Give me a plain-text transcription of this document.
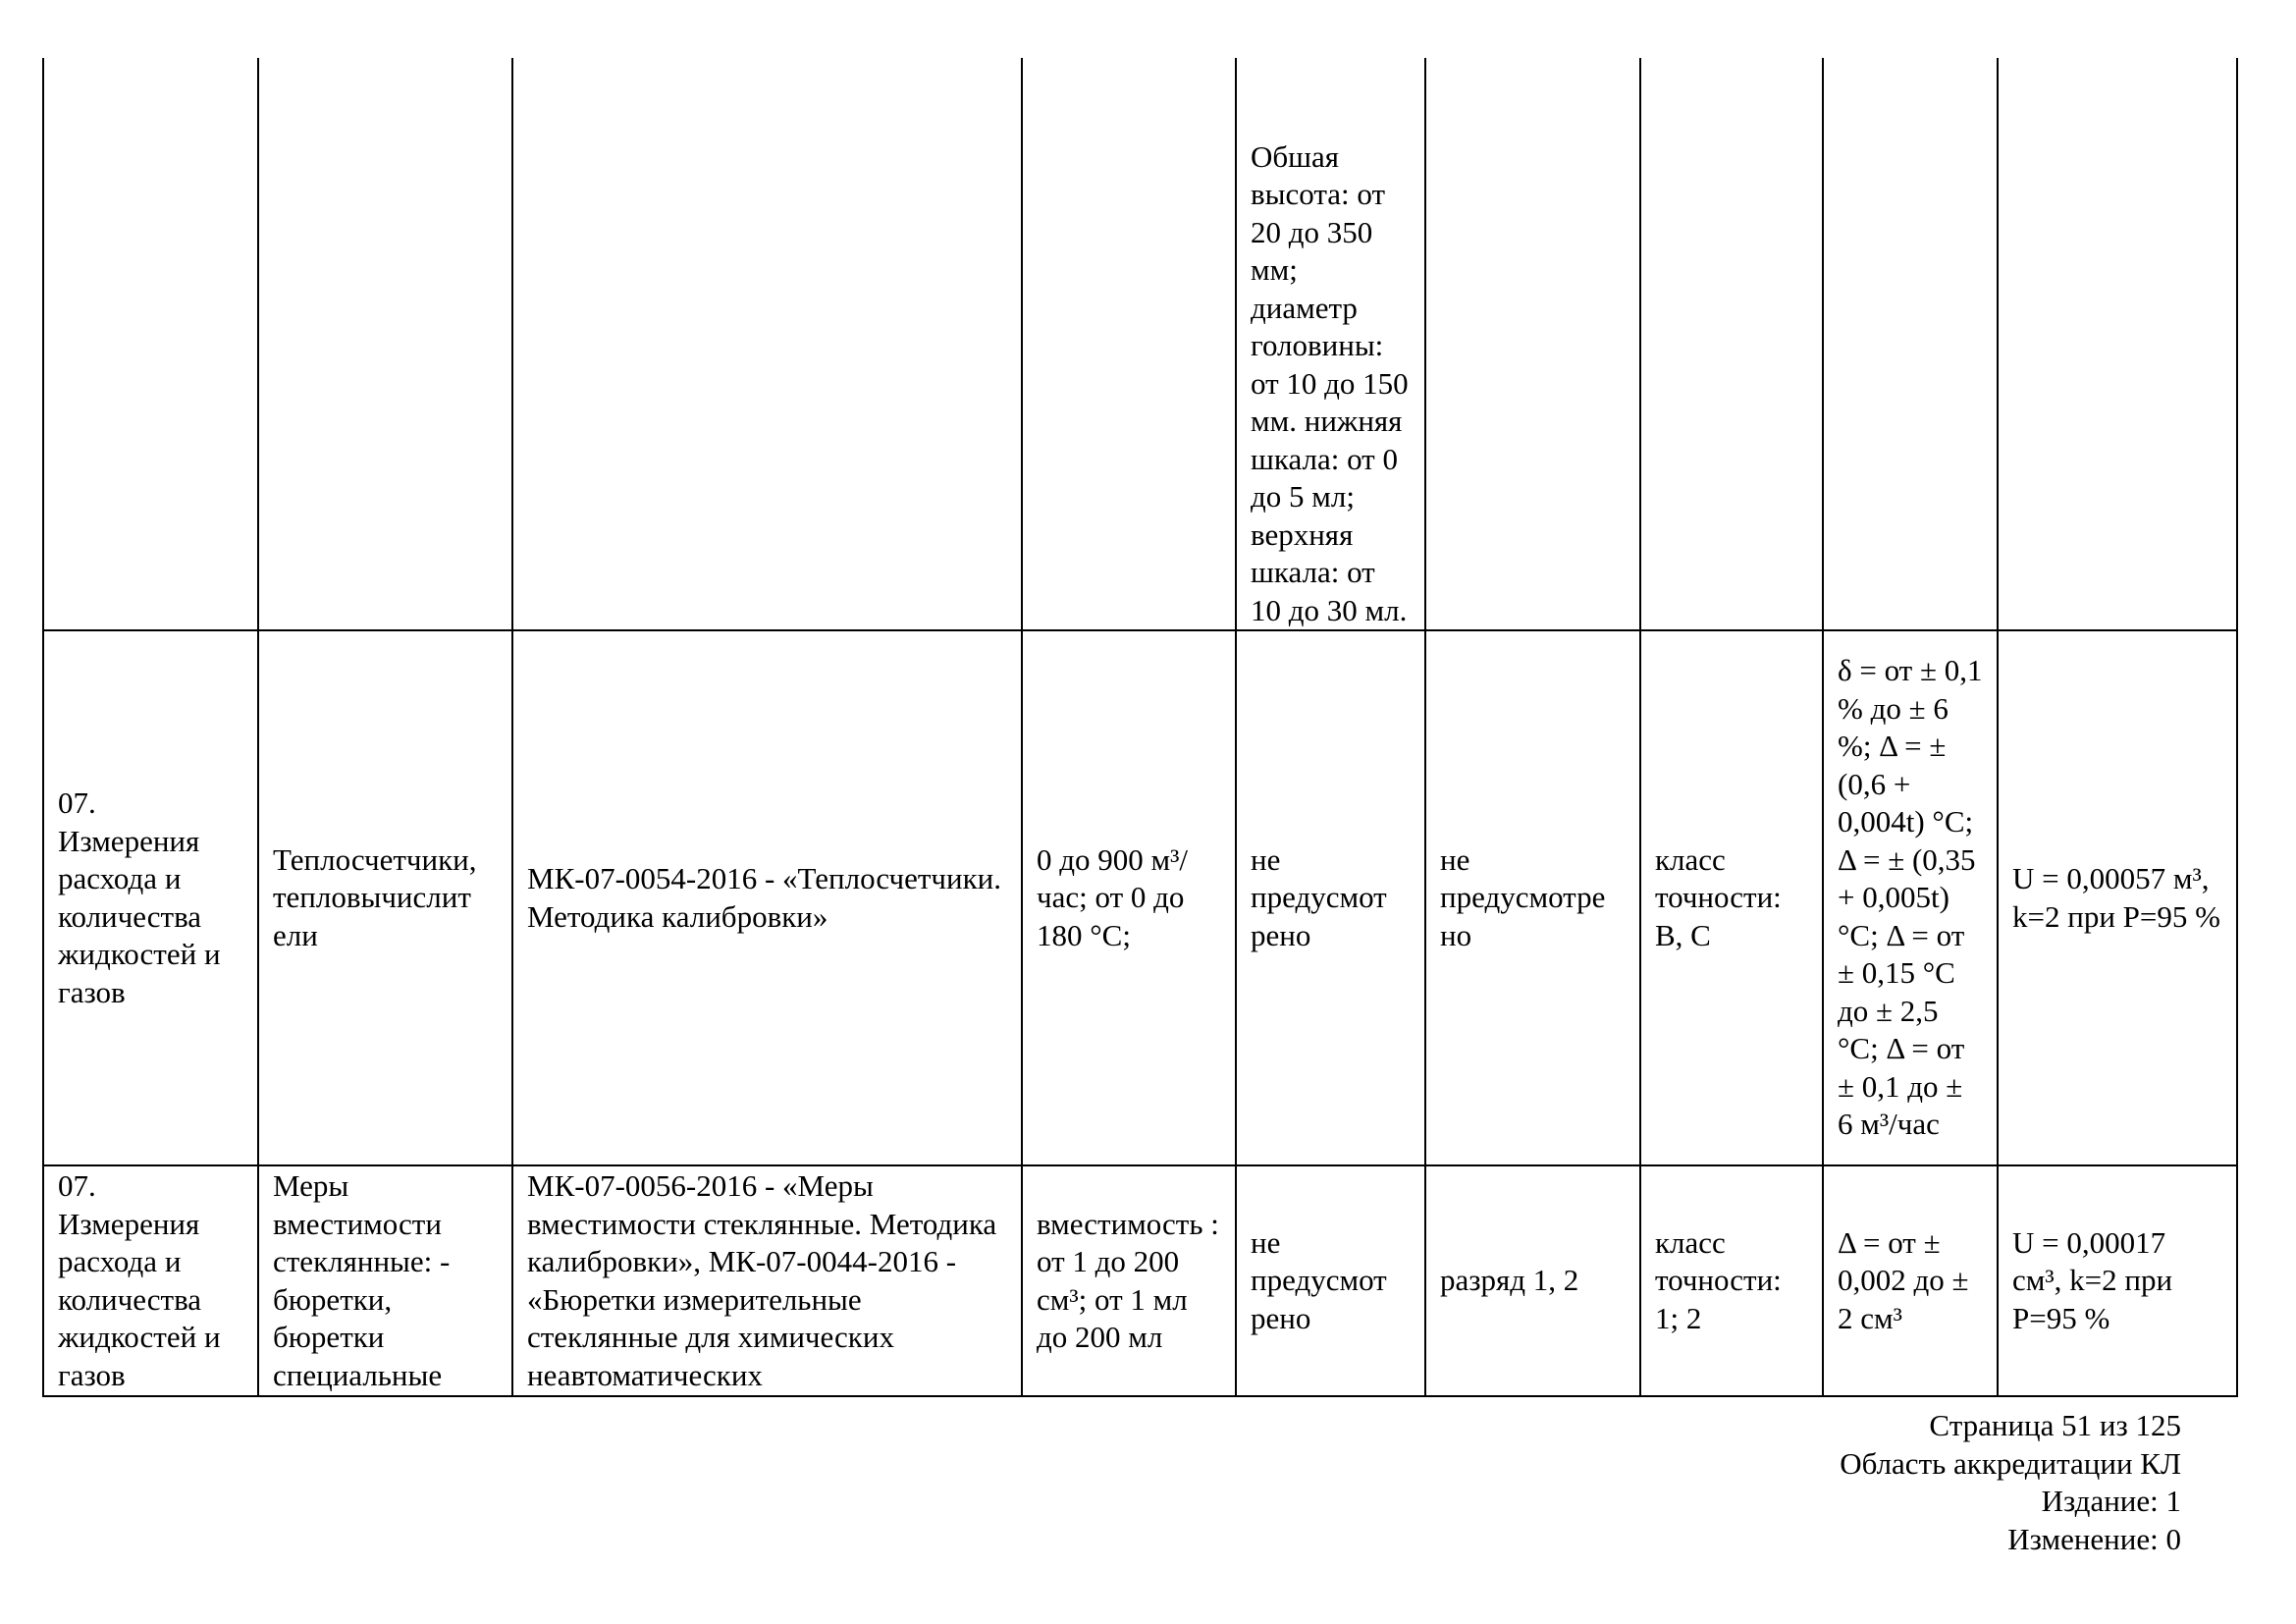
				Обшая высота: от 20 до 350 мм; диаметр головины: от 10 до 150 мм. нижняя шкала: от 0 до 5 мл; верхняя шкала: от 10 до 30 мл.				
07. Измерения расхода и количества жидкостей и газов	Теплосчетчики, тепловычислит ели	МК-07-0054-2016 - «Теплосчетчики. Методика калибровки»	0 до 900 м³/час; от 0 до 180 °С;	не предусмот рено	не предусмотре но	класс точности: В, С	δ = от ± 0,1 % до ± 6 %; Δ = ± (0,6 + 0,004t) °С; Δ = ± (0,35 + 0,005t) °С; Δ = от ± 0,15 °С до ± 2,5 °С; Δ = от ± 0,1 до ± 6 м³/час	U = 0,00057 м³, k=2 при P=95 %
07. Измерения расхода и количества жидкостей и газов	Меры вместимости стеклянные: - бюретки, бюретки специальные	МК-07-0056-2016 - «Меры вместимости стеклянные. Методика калибровки», МК-07-0044-2016 - «Бюретки измерительные стеклянные для химических неавтоматических	вместимость : от 1 до 200 см³; от 1 мл до 200 мл	не предусмот рено	разряд 1, 2	класс точности: 1; 2	Δ = от ± 0,002 до ± 2 см³	U = 0,00017 см³, k=2 при P=95 %
Страница 51 из 125
Область аккредитации КЛ
Издание: 1
Изменение: 0
